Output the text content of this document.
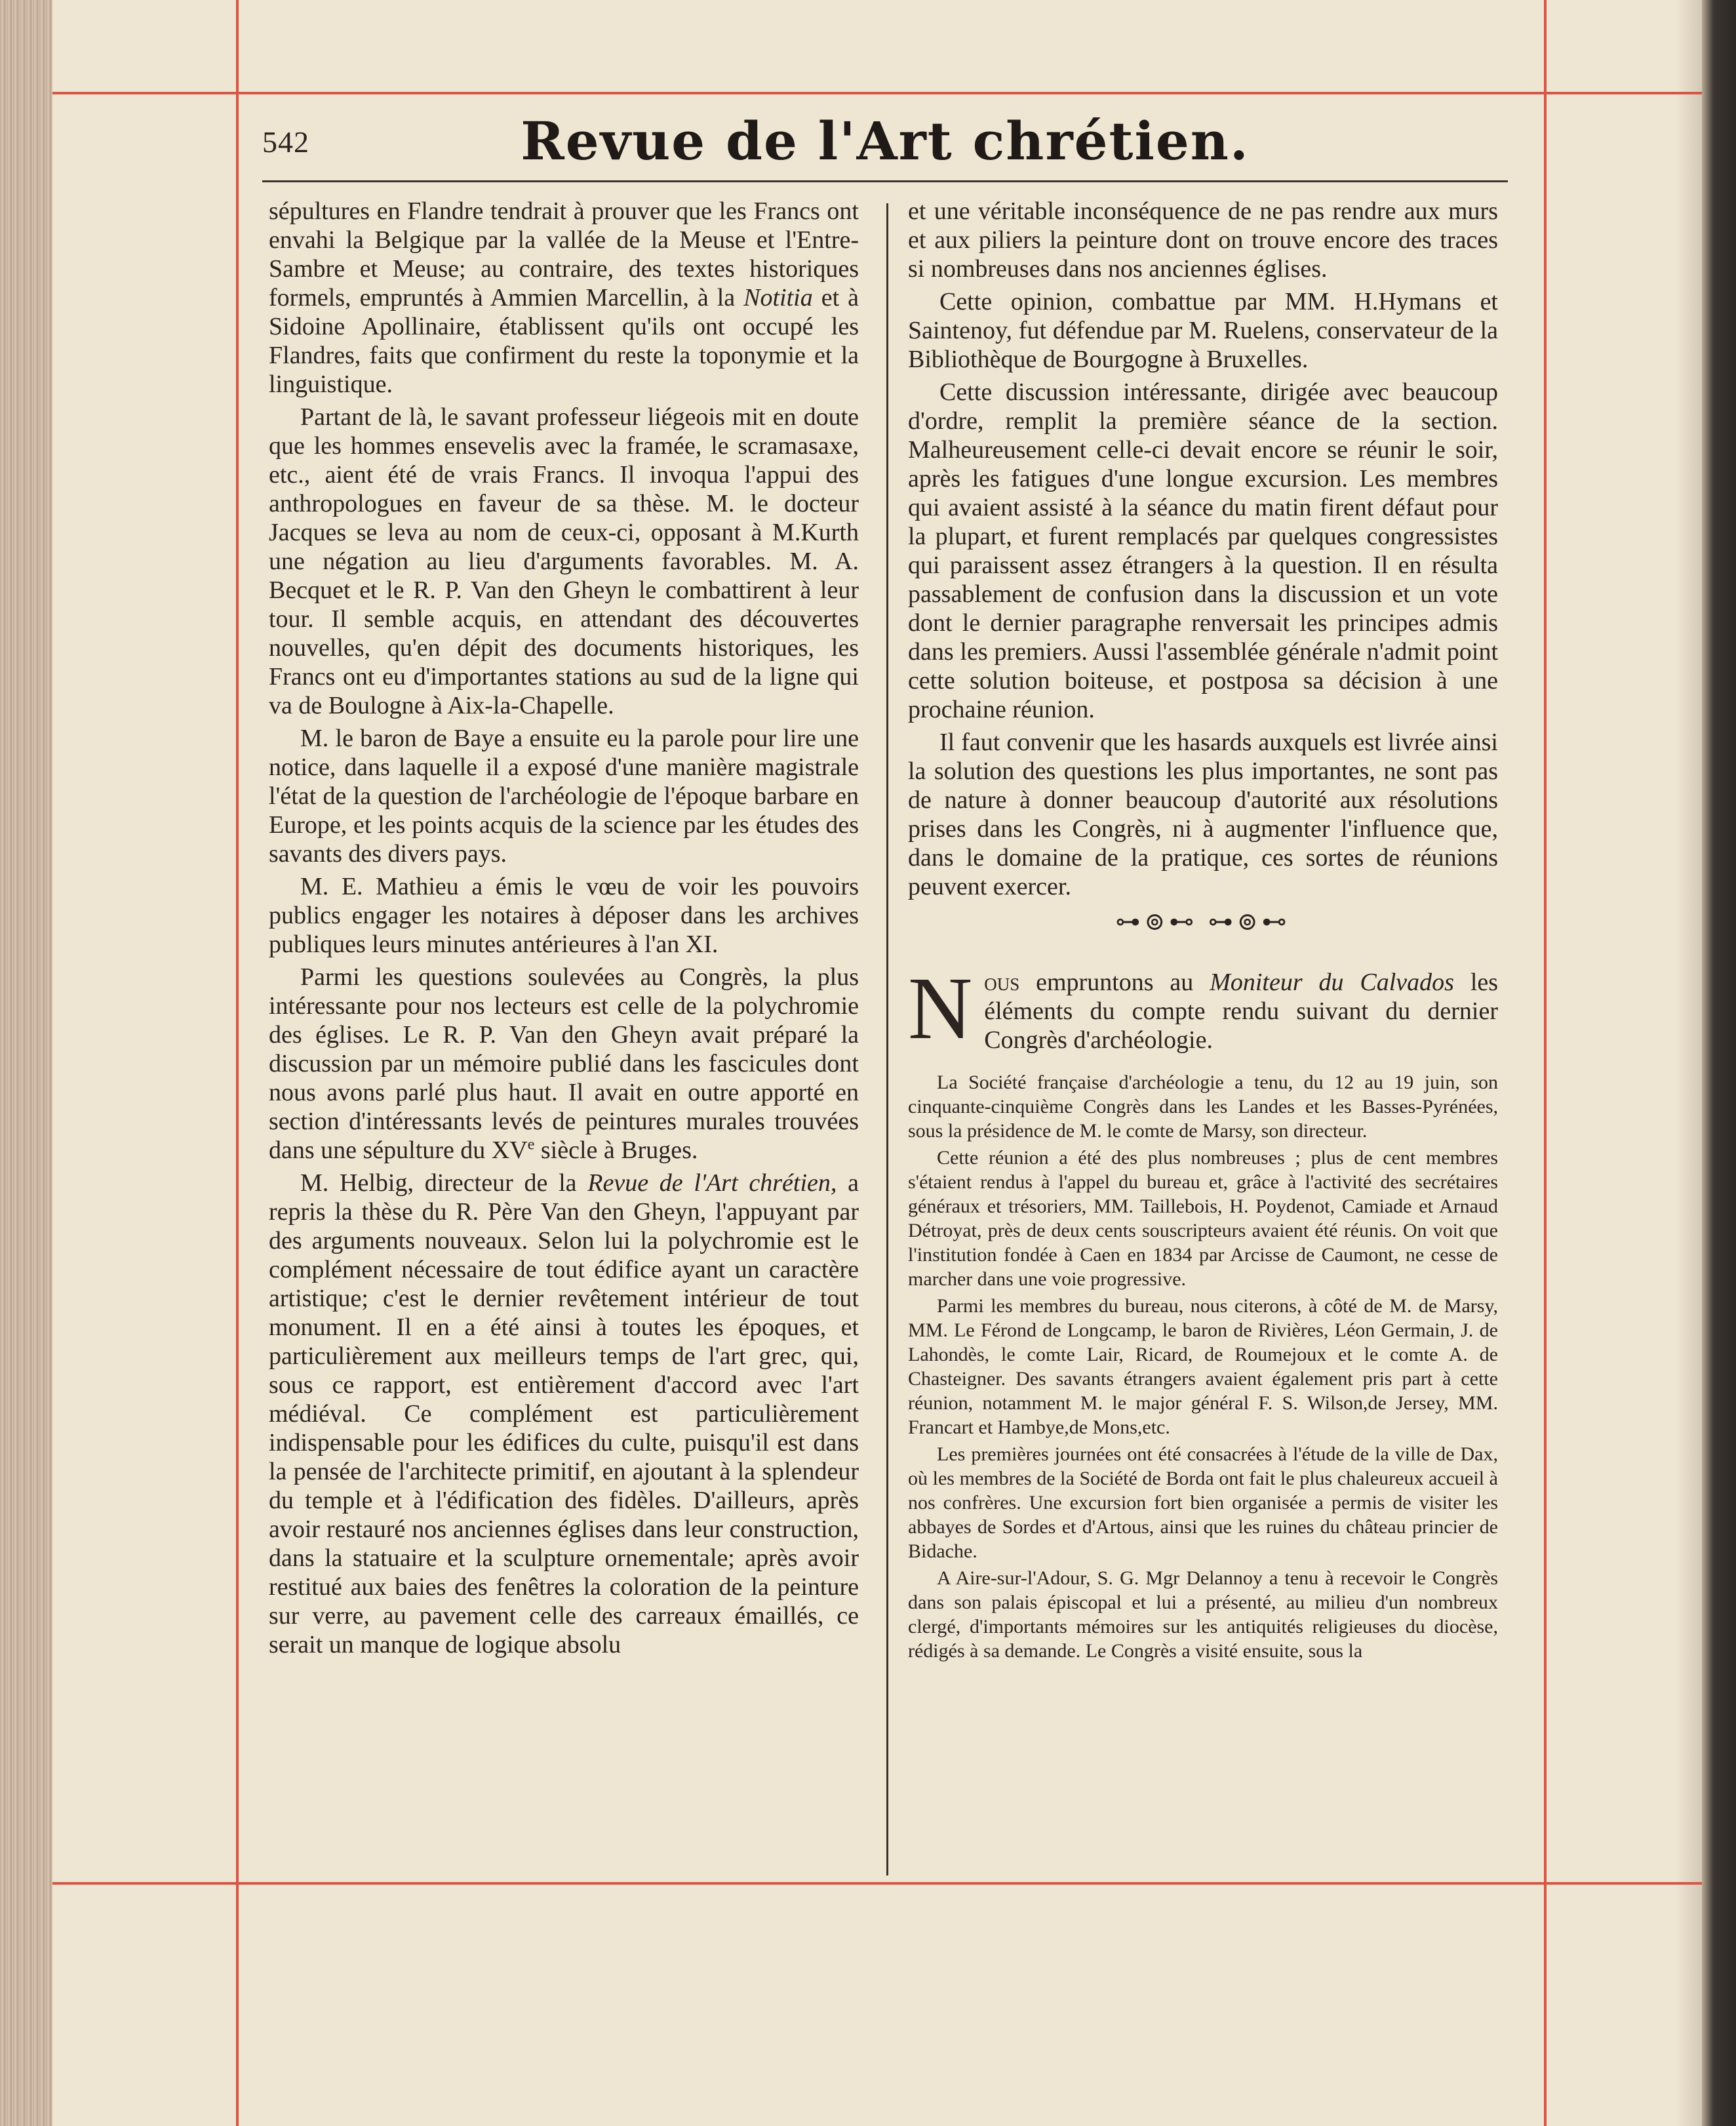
542	Revue de l'Art chrétien.

sépultures en Flandre tendrait à prouver que les Francs ont envahi la Belgique par la vallée de la Meuse et l'Entre-Sambre et Meuse; au contraire, des textes historiques formels, empruntés à Ammien Marcellin, à la Notitia et à Sidoine Apollinaire, établissent qu'ils ont occupé les Flandres, faits que confirment du reste la toponymie et la linguistique.

Partant de là, le savant professeur liégeois mit en doute que les hommes ensevelis avec la framée, le scramasaxe, etc., aient été de vrais Francs. Il invoqua l'appui des anthropologues en faveur de sa thèse. M. le docteur Jacques se leva au nom de ceux-ci, opposant à M.Kurth une négation au lieu d'arguments favorables. M. A. Becquet et le R. P. Van den Gheyn le combattirent à leur tour. Il semble acquis, en attendant des découvertes nouvelles, qu'en dépit des documents historiques, les Francs ont eu d'importantes stations au sud de la ligne qui va de Boulogne à Aix-la-Chapelle.

M. le baron de Baye a ensuite eu la parole pour lire une notice, dans laquelle il a exposé d'une manière magistrale l'état de la question de l'archéologie de l'époque barbare en Europe, et les points acquis de la science par les études des savants des divers pays.

M. E. Mathieu a émis le vœu de voir les pouvoirs publics engager les notaires à déposer dans les archives publiques leurs minutes antérieures à l'an XI.

Parmi les questions soulevées au Congrès, la plus intéressante pour nos lecteurs est celle de la polychromie des églises. Le R. P. Van den Gheyn avait préparé la discussion par un mémoire publié dans les fascicules dont nous avons parlé plus haut. Il avait en outre apporté en section d'intéressants levés de peintures murales trouvées dans une sépulture du XVe siècle à Bruges.

M. Helbig, directeur de la Revue de l'Art chrétien, a repris la thèse du R. Père Van den Gheyn, l'appuyant par des arguments nouveaux. Selon lui la polychromie est le complément nécessaire de tout édifice ayant un caractère artistique; c'est le dernier revêtement intérieur de tout monument. Il en a été ainsi à toutes les époques, et particulièrement aux meilleurs temps de l'art grec, qui, sous ce rapport, est entièrement d'accord avec l'art médiéval. Ce complément est particulièrement indispensable pour les édifices du culte, puisqu'il est dans la pensée de l'architecte primitif, en ajoutant à la splendeur du temple et à l'édification des fidèles. D'ailleurs, après avoir restauré nos anciennes églises dans leur construction, dans la statuaire et la sculpture ornementale; après avoir restitué aux baies des fenêtres la coloration de la peinture sur verre, au pavement celle des carreaux émaillés, ce serait un manque de logique absolu

et une véritable inconséquence de ne pas rendre aux murs et aux piliers la peinture dont on trouve encore des traces si nombreuses dans nos anciennes églises.

Cette opinion, combattue par MM. H.Hymans et Saintenoy, fut défendue par M. Ruelens, conservateur de la Bibliothèque de Bourgogne à Bruxelles.

Cette discussion intéressante, dirigée avec beaucoup d'ordre, remplit la première séance de la section. Malheureusement celle-ci devait encore se réunir le soir, après les fatigues d'une longue excursion. Les membres qui avaient assisté à la séance du matin firent défaut pour la plupart, et furent remplacés par quelques congressistes qui paraissent assez étrangers à la question. Il en résulta passablement de confusion dans la discussion et un vote dont le dernier paragraphe renversait les principes admis dans les premiers. Aussi l'assemblée générale n'admit point cette solution boiteuse, et postposa sa décision à une prochaine réunion.

Il faut convenir que les hasards auxquels est livrée ainsi la solution des questions les plus importantes, ne sont pas de nature à donner beaucoup d'autorité aux résolutions prises dans les Congrès, ni à augmenter l'influence que, dans le domaine de la pratique, ces sortes de réunions peuvent exercer.

⊶⊚⊷ ⊶⊚⊷

Nous empruntons au Moniteur du Calvados les éléments du compte rendu suivant du dernier Congrès d'archéologie.

La Société française d'archéologie a tenu, du 12 au 19 juin, son cinquante-cinquième Congrès dans les Landes et les Basses-Pyrénées, sous la présidence de M. le comte de Marsy, son directeur.

Cette réunion a été des plus nombreuses ; plus de cent membres s'étaient rendus à l'appel du bureau et, grâce à l'activité des secrétaires généraux et trésoriers, MM. Taillebois, H. Poydenot, Camiade et Arnaud Détroyat, près de deux cents souscripteurs avaient été réunis. On voit que l'institution fondée à Caen en 1834 par Arcisse de Caumont, ne cesse de marcher dans une voie progressive.

Parmi les membres du bureau, nous citerons, à côté de M. de Marsy, MM. Le Férond de Longcamp, le baron de Rivières, Léon Germain, J. de Lahondès, le comte Lair, Ricard, de Roumejoux et le comte A. de Chasteigner. Des savants étrangers avaient également pris part à cette réunion, notamment M. le major général F. S. Wilson,de Jersey, MM. Francart et Hambye,de Mons,etc.

Les premières journées ont été consacrées à l'étude de la ville de Dax, où les membres de la Société de Borda ont fait le plus chaleureux accueil à nos confrères. Une excursion fort bien organisée a permis de visiter les abbayes de Sordes et d'Artous, ainsi que les ruines du château princier de Bidache.

A Aire-sur-l'Adour, S. G. Mgr Delannoy a tenu à recevoir le Congrès dans son palais épiscopal et lui a présenté, au milieu d'un nombreux clergé, d'importants mémoires sur les antiquités religieuses du diocèse, rédigés à sa demande. Le Congrès a visité ensuite, sous la
